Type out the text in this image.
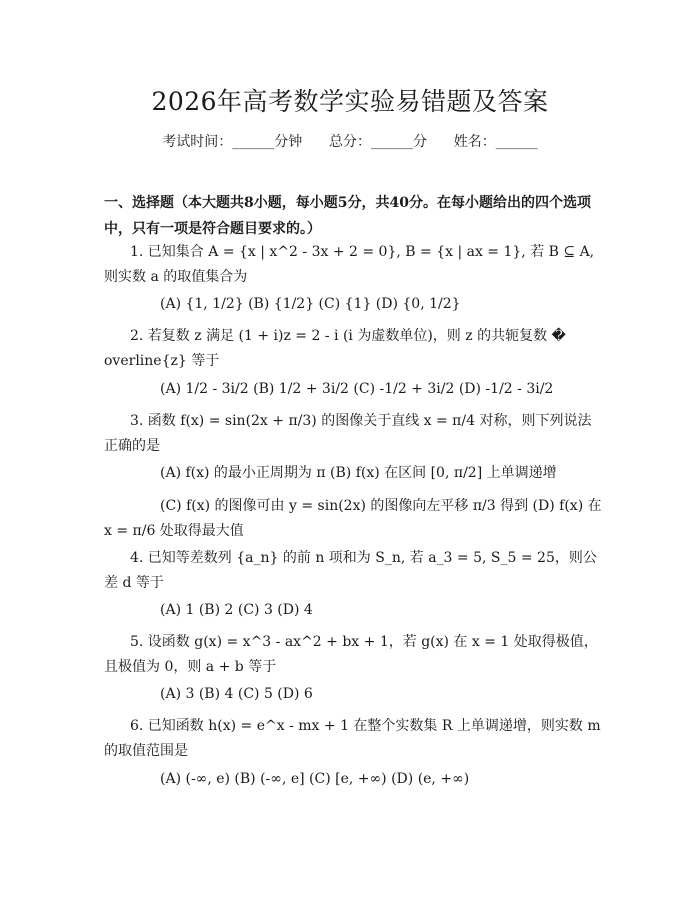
2026年高考数学实验易错题及答案
考试时间：______分钟      总分：______分      姓名：______
一、选择题（本大题共8小题，每小题5分，共40分。在每小题给出的四个选项中，只有一项是符合题目要求的。）
1. 已知集合 A = {x | x^2 - 3x + 2 = 0}, B = {x | ax = 1}, 若 B ⊆ A, 则实数 a 的取值集合为
(A) {1, 1/2} (B) {1/2} (C) {1} (D) {0, 1/2}
2. 若复数 z 满足 (1 + i)z = 2 - i (i 为虚数单位)，则 z 的共轭复数 � overline{z} 等于
(A) 1/2 - 3i/2 (B) 1/2 + 3i/2 (C) -1/2 + 3i/2 (D) -1/2 - 3i/2
3. 函数 f(x) = sin(2x + π/3) 的图像关于直线 x = π/4 对称，则下列说法正确的是
(A) f(x) 的最小正周期为 π (B) f(x) 在区间 [0, π/2] 上单调递增
(C) f(x) 的图像可由 y = sin(2x) 的图像向左平移 π/3 得到 (D) f(x) 在 x = π/6 处取得最大值
4. 已知等差数列 {a_n} 的前 n 项和为 S_n, 若 a_3 = 5, S_5 = 25，则公差 d 等于
(A) 1 (B) 2 (C) 3 (D) 4
5. 设函数 g(x) = x^3 - ax^2 + bx + 1，若 g(x) 在 x = 1 处取得极值，且极值为 0，则 a + b 等于
(A) 3 (B) 4 (C) 5 (D) 6
6. 已知函数 h(x) = e^x - mx + 1 在整个实数集 R 上单调递增，则实数 m 的取值范围是
(A) (-∞, e) (B) (-∞, e] (C) [e, +∞) (D) (e, +∞)
